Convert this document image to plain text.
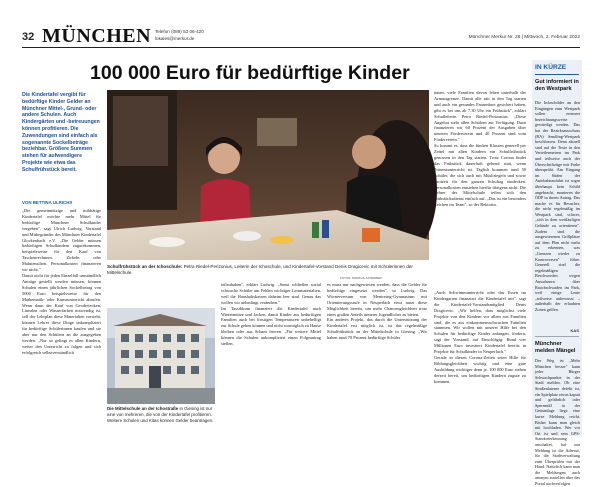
32 MÜNCHEN Telefon (089) 53 06-420
lokales@merkur.de	Münchner Merkur Nr. 26 | Mittwoch, 2. Februar 2022
100 000 Euro für bedürftige Kinder
Die Kindertafel vergibt für bedürftige Kinder Gelder an Münchner Mittel-, Grund- oder andere Schulen. Auch Kindergärten und -betreuungen können profitieren. Die Zuwendungen sind einfach als sogenannte Sockelbeträge beziehbar. Größere Summen stehen für aufwendigere Projekte wie etwa das Schulfrühstück bereit.
VON BETTINA ULRICHS
„Die gemeinnützige und mildtätige Kindertafel möchte mehr Mittel für bedürftige Münchner Schulkinder vergeben", sagt Ulrich Ludwig. Vorstand und Mitbegründer des Münchner Kindertafel Glockenbach e.V. „Die Gelder müssen bedürftigen Schulkindern zugutekommen, beispielsweise für den Kauf von Taschenrechnern, Zirkeln oder Malutensilien. Personalkosten finanzieren wir nicht."
Damit nicht für jeden Einzelfall umständlich Anträge gestellt werden müssen, können Schulen einen jährlichen Sockelbetrag von 5000 Euro beispielsweise für den Mathematik- oder Kunstunterricht abrufen. Wenn dann der Kauf von Geodreiecken, Linealen oder Wasserfarben notwendig ist, soll der Lehrplan diese Materialien vorsieht, können Lehrer diese Dinge unkompliziert für bedürftige Schülerinnen kaufen und sie aber nur den Schülern an die ausgegeben werden. „Nur so gelingt es allen Kindern, weiter den Unterricht zu folgen und sich erfolgreich selbstverständlich
Schulfrühstück an der Ichoschule: Petra Riedel-Perizonius, Leiterin der Ichoschule, und Kindertafel-Vorstand Denis Dragicevic mit Schülerinnen der Mittelschule.
FOTOS: MARKUS ASTERBER
Die Mittelschule an der Ichostraße in Giesing ist nur eine von mehreren, die von der Kindertafel profitieren. Weitere Schulen und Kitas können Gelder beantragen.
teilzuhaben", erklärt Ludwig. „Sonst schließen sozial schwache Schüler am Fehlen wichtiger Lernmaterialien, weil die Haushaltskassen daheim leer sind. Genau das wollen wir unbedingt verändern."
Im Tassilikum finanziert die Kindertafel auch Wintermütze und Jacken, damit Kinder aus bedürftigen Familien auch bei frostigen Temperaturen unbehelligt zur Schule gehen können und nicht womöglich zu Hause bleiben oder aus Scham frieren. „Für weitere Mittel können die Schulen unkompliziert einen Folgeantrag stellen,
es muss nur nachgewiesen werden, dass die Gelder für bedürftige eingesetzt werden", so Ludwig. Das Wörnerversum von Mentoring-Gymnasium mit Orientierungsstufe in Neuperlach etwa nutzt diese Möglichkeit bereits, um mehr Chancengleichheit trotz eines großen Anteils ärmerer Jugendlicher zu bieten.
Ein anderes Projekt, das durch die Unterstützung der Kindertafel erst möglich ist, ist das regelmäßige Schulfrühstück an der Mittelschule in Giesing. „Wir haben rund 70 Prozent bedürftige Schüler
innen, viele Familien davon leben unterhalb der Armutsgrenze. Damit alle satt in den Tag starten und auch ein gesundes Pausenbrot gesichert haben, gibt es bei uns ab 7.30 Uhr ein Frühstück", erklärt Schulleiterin Petra Riedel-Perizonius. „Diese Angebot steht allen Schülern zur Verfügung. Dazu finanzieren wir 60 Prozent der Ausgaben über unseren Förderverein und 40 Prozent sind vom Förderverein."
So kommt es, dass die fünften Klassen generell per Zettel mit allen Kindern ein Schulfrühstück genossen in den Tag starten. Trotz Corona findet das Frühstück dauerhaft gehend statt, wenn Präsenzunterricht ist. Täglich kommen rund 50 Schüler, die sich auch mit Müsliriegeln und sowie Brotzeit für den ganzen Schultag eindecken. Personalkosten entstehen hierfür übrigens nicht. Die Lehrer der Mittelschule teilen sich den Frühstücksdienst einfach auf. „Das ist ein besonders Zeichen im Team", so der Rektorin.
„Auch Schwimmunterricht oder das Essen im Kindergarten finanziert die Kindertafel mit", sagt die Kindertafel-Vorstandsmitglied Denis Dragicevic. „Wir helfen, dass möglichst viele Projekte von den Kindern vor allem aus Familien sind, die es aus einkommensschwachen Familien stammen. Wir wollen mit unserer Hilfe bei den Schulen für bedürftige Kinder anfangen, fördern, sagt der Vorstand, auf Einschlägig: Rund vier Millionen Euro investiert Kindertafel bereits in Projekte für Schulkinder in Neuperlach."
Gerade in diesen Corona-Zeiten seien Hilfe für Bildungsgleichheit wichtig und eine gute Ausbildung wichtiger denn je. 100 000 Euro stehen derzeit bereit, um bedürftigen Kindern zugute zu kommen.
IN KÜRZE
Gut informiert in den Westpark
Die Infoschilder an den Eingängen zum Westpark sollen erneuert bezeichnungsweise gewürdigt werden. Das hat der Bezirksausschuss (BA) Sendling-Westpark beschlossen. Denn aktuell sind auf die Texte in den Verteilermeiern im Park und teilweise auch der Überschriftzüge mit Farbe übersprüht. Am Eingang im Süden der Autobahnzufahrt ist sogar überhaupt kein Schild angebracht, monieren die ÖDP in ihrem Antrag. Das mache es für Besucher, die nicht regelmäßig im Westpark sind, schwer, „sich in dem weitläufigen Gelände zu orientieren". Zudem sind die ausgewiesenen Grillplätze auf dem Plan nicht mehr zu erkennen, was „Grenzen wieder zu Kontroversen" führe. Generell sind die regelmäßigen Beschwerden wegen Anwohnern über Rauchschwaden im Park, weil einige Leute „teilweise unbewusst – außerhalb der erlaubten Zonen grillen.
KAS
Münchner melden Mängel
Der Weg ist „Mehr München besser" kann jeder Bürger Schwachpunkte in der Stadt melden. Ob eine Straßenlaterne defekt ist, ein Spielplatz etwas kaputt und gefährlich oder Sperrmüll in der Grünanlage liegt: eine kurze Meldung reicht. Bisher kann man gleich mit hochladen. Wer vor Ort ist und sein GPS-Standorterkennung anschaltet, hat nur Meldung ist die Adresse, für die Stadtverwaltung zum Überprüfen nur der Hand. Natürlich kann man die Meldungen auch anonym zustellen über das Portal nachverfolgen.
